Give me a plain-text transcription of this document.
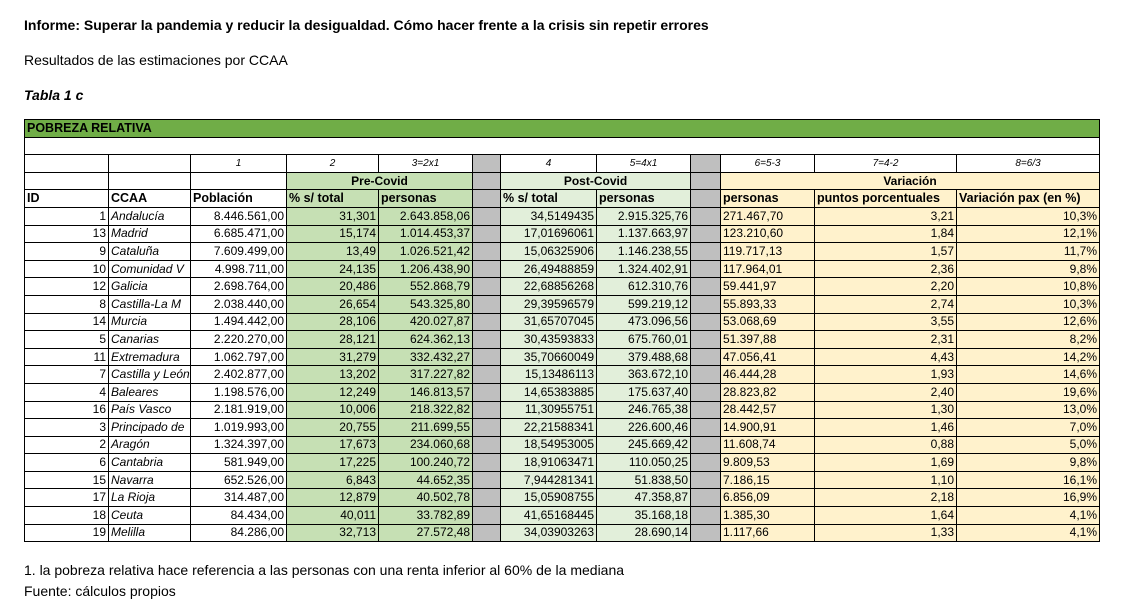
Informe: Superar la pandemia y reducir la desigualdad. Cómo hacer frente a la crisis sin repetir errores
Resultados de las estimaciones por CCAA
Tabla 1 c
POBREZA RELATIVA											

		1	2	3=2x1		4	5=4x1		6=5-3	7=4-2	8=6/3
			Pre-Covid			Post-Covid			Variación		
ID	CCAA	Población	% s/ total	personas		% s/ total	personas		personas	puntos porcentuales	Variación pax (en %)
1	Andalucía	8.446.561,00	31,301	2.643.858,06		34,5149435	2.915.325,76		271.467,70	3,21	10,3%
13	Madrid	6.685.471,00	15,174	1.014.453,37		17,01696061	1.137.663,97		123.210,60	1,84	12,1%
9	Cataluña	7.609.499,00	13,49	1.026.521,42		15,06325906	1.146.238,55		119.717,13	1,57	11,7%
10	Comunidad V	4.998.711,00	24,135	1.206.438,90		26,49488859	1.324.402,91		117.964,01	2,36	9,8%
12	Galicia	2.698.764,00	20,486	552.868,79		22,68856268	612.310,76		59.441,97	2,20	10,8%
8	Castilla-La M	2.038.440,00	26,654	543.325,80		29,39596579	599.219,12		55.893,33	2,74	10,3%
14	Murcia	1.494.442,00	28,106	420.027,87		31,65707045	473.096,56		53.068,69	3,55	12,6%
5	Canarias	2.220.270,00	28,121	624.362,13		30,43593833	675.760,01		51.397,88	2,31	8,2%
11	Extremadura	1.062.797,00	31,279	332.432,27		35,70660049	379.488,68		47.056,41	4,43	14,2%
7	Castilla y León	2.402.877,00	13,202	317.227,82		15,13486113	363.672,10		46.444,28	1,93	14,6%
4	Baleares	1.198.576,00	12,249	146.813,57		14,65383885	175.637,40		28.823,82	2,40	19,6%
16	País Vasco	2.181.919,00	10,006	218.322,82		11,30955751	246.765,38		28.442,57	1,30	13,0%
3	Principado de	1.019.993,00	20,755	211.699,55		22,21588341	226.600,46		14.900,91	1,46	7,0%
2	Aragón	1.324.397,00	17,673	234.060,68		18,54953005	245.669,42		11.608,74	0,88	5,0%
6	Cantabria	581.949,00	17,225	100.240,72		18,91063471	110.050,25		9.809,53	1,69	9,8%
15	Navarra	652.526,00	6,843	44.652,35		7,944281341	51.838,50		7.186,15	1,10	16,1%
17	La Rioja	314.487,00	12,879	40.502,78		15,05908755	47.358,87		6.856,09	2,18	16,9%
18	Ceuta	84.434,00	40,011	33.782,89		41,65168445	35.168,18		1.385,30	1,64	4,1%
19	Melilla	84.286,00	32,713	27.572,48		34,03903263	28.690,14		1.117,66	1,33	4,1%
1. la pobreza relativa hace referencia a las personas con una renta inferior al 60% de la mediana
Fuente: cálculos propios
